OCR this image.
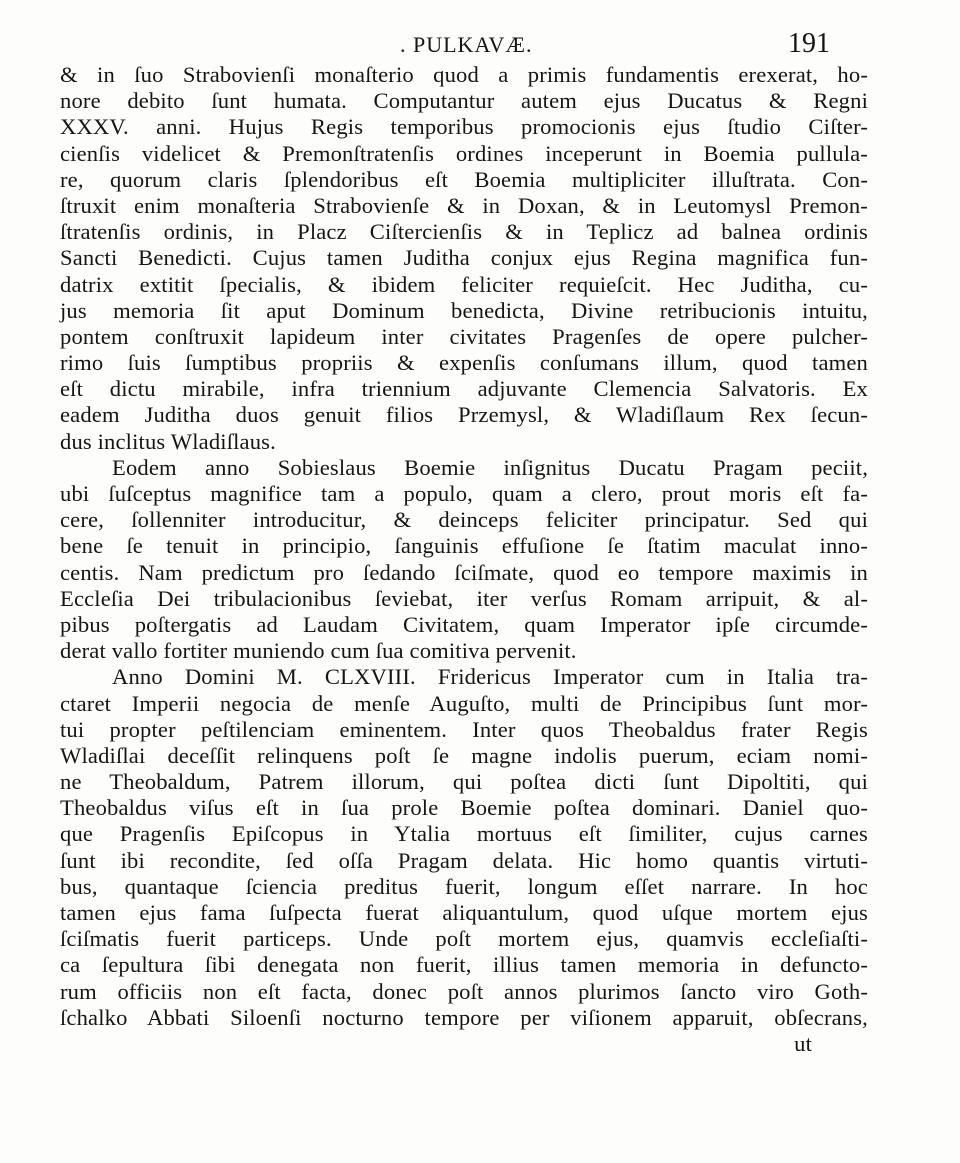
. PULKAVÆ.	191
& in ſuo Strabovienſi monaſterio quod a primis fundamentis erexerat, ho-
nore debito ſunt humata. Computantur autem ejus Ducatus & Regni
XXXV. anni. Hujus Regis temporibus promocionis ejus ſtudio Ciſter-
cienſis videlicet & Premonſtratenſis ordines inceperunt in Boemia pullula-
re, quorum claris ſplendoribus eſt Boemia multipliciter illuſtrata. Con-
ſtruxit enim monaſteria Strabovienſe & in Doxan, & in Leutomysl Premon-
ſtratenſis ordinis, in Placz Ciſtercienſis & in Teplicz ad balnea ordinis
Sancti Benedicti. Cujus tamen Juditha conjux ejus Regina magnifica fun-
datrix extitit ſpecialis, & ibidem feliciter requieſcit. Hec Juditha, cu-
jus memoria ſit aput Dominum benedicta, Divine retribucionis intuitu,
pontem conſtruxit lapideum inter civitates Pragenſes de opere pulcher-
rimo ſuis ſumptibus propriis & expenſis conſumans illum, quod tamen
eſt dictu mirabile, infra triennium adjuvante Clemencia Salvatoris. Ex
eadem Juditha duos genuit filios Przemysl, & Wladiſlaum Rex ſecun-
dus inclitus Wladiſlaus.
Eodem anno Sobieslaus Boemie inſignitus Ducatu Pragam peciit,
ubi ſuſceptus magnifice tam a populo, quam a clero, prout moris eſt fa-
cere, ſollenniter introducitur, & deinceps feliciter principatur. Sed qui
bene ſe tenuit in principio, ſanguinis effuſione ſe ſtatim maculat inno-
centis. Nam predictum pro ſedando ſciſmate, quod eo tempore maximis in
Eccleſia Dei tribulacionibus ſeviebat, iter verſus Romam arripuit, & al-
pibus poſtergatis ad Laudam Civitatem, quam Imperator ipſe circumde-
derat vallo fortiter muniendo cum ſua comitiva pervenit.
Anno Domini M. CLXVIII. Fridericus Imperator cum in Italia tra-
ctaret Imperii negocia de menſe Auguſto, multi de Principibus ſunt mor-
tui propter peſtilenciam eminentem. Inter quos Theobaldus frater Regis
Wladiſlai deceſſit relinquens poſt ſe magne indolis puerum, eciam nomi-
ne Theobaldum, Patrem illorum, qui poſtea dicti ſunt Dipoltiti, qui
Theobaldus viſus eſt in ſua prole Boemie poſtea dominari. Daniel quo-
que Pragenſis Epiſcopus in Ytalia mortuus eſt ſimiliter, cujus carnes
ſunt ibi recondite, ſed oſſa Pragam delata. Hic homo quantis virtuti-
bus, quantaque ſciencia preditus fuerit, longum eſſet narrare. In hoc
tamen ejus fama ſuſpecta fuerat aliquantulum, quod uſque mortem ejus
ſciſmatis fuerit particeps. Unde poſt mortem ejus, quamvis eccleſiaſti-
ca ſepultura ſibi denegata non fuerit, illius tamen memoria in defuncto-
rum officiis non eſt facta, donec poſt annos plurimos ſancto viro Goth-
ſchalko Abbati Siloenſi nocturno tempore per viſionem apparuit, obſecrans,
ut
